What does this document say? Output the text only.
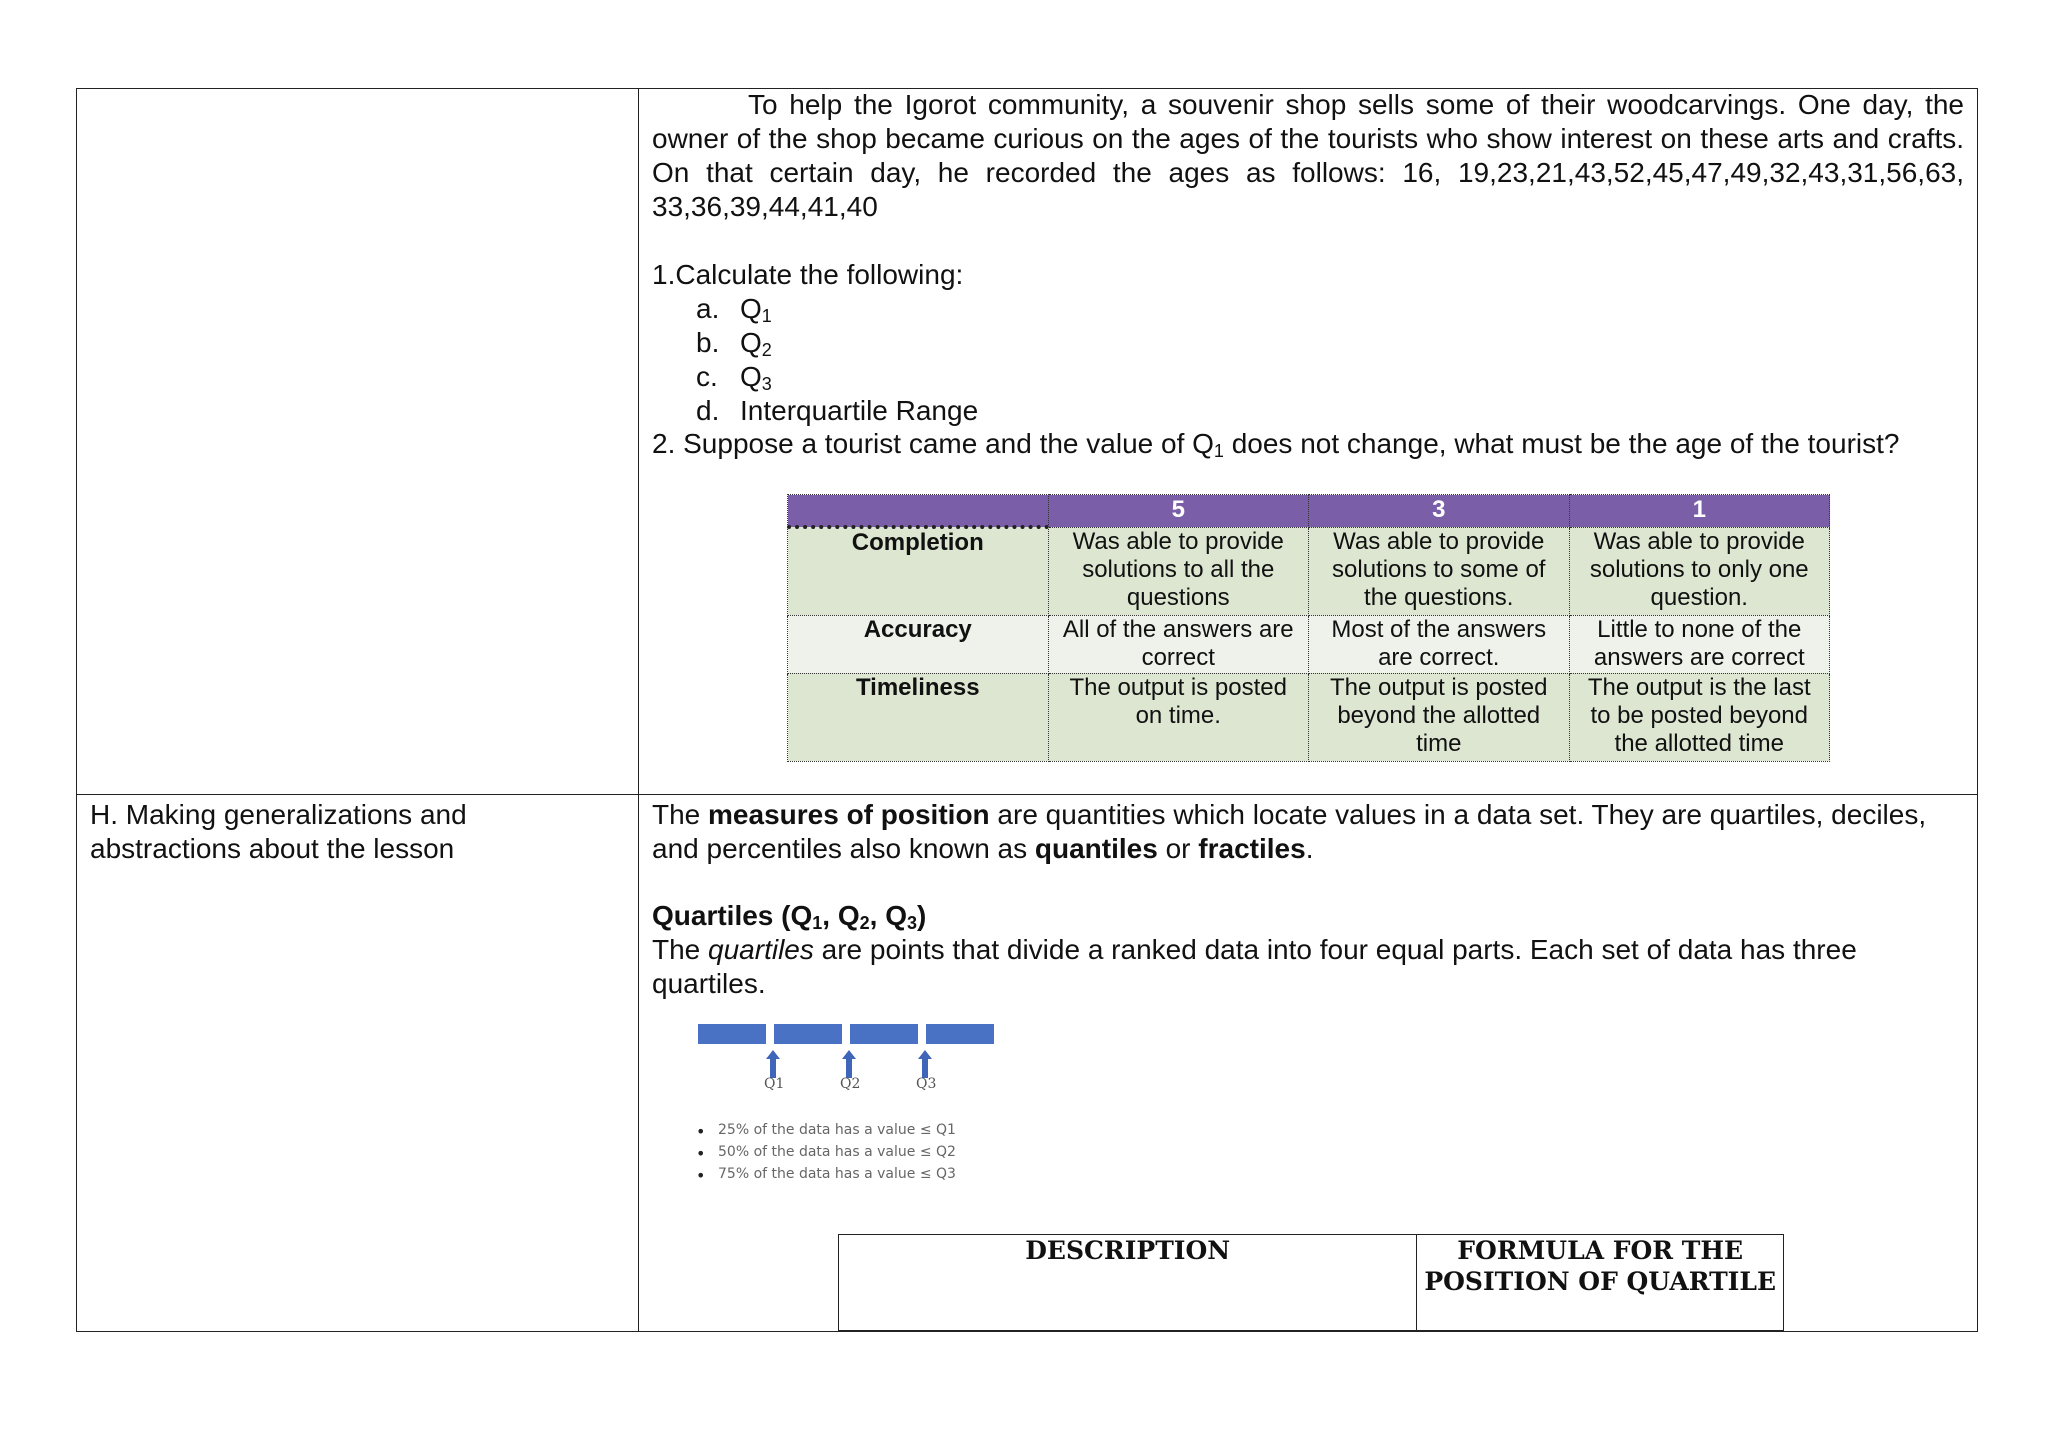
To help the Igorot community, a souvenir shop sells some of their woodcarvings. One day, the owner of the shop became curious on the ages of the tourists who show interest on these arts and crafts. On that certain day, he recorded the ages as follows: 16, 19,23,21,43,52,45,47,49,32,43,31,56,63, 33,36,39,44,41,40
1.Calculate the following:
a. $Q_1$
b. $Q_2$
c. $Q_3$
d. Interquartile Range
2. Suppose a tourist came and the value of $Q_1$ does not change, what must be the age of the tourist?
	5	3	1
Completion	Was able to provide solutions to all the questions	Was able to provide solutions to some of the questions.	Was able to provide solutions to only one question.
Accuracy	All of the answers are correct	Most of the answers are correct.	Little to none of the answers are correct
Timeliness	The output is posted on time.	The output is posted beyond the allotted time	The output is the last to be posted beyond the allotted time
H. Making generalizations and abstractions about the lesson
The measures of position are quantities which locate values in a data set. They are quartiles, deciles, and percentiles also known as quantiles or fractiles.
Quartiles ($Q_1$, $Q_2$, $Q_3$)
The quartiles are points that divide a ranked data into four equal parts. Each set of data has three quartiles.
Q1	Q2	Q3
• 25% of the data has a value ≤ Q1
• 50% of the data has a value ≤ Q2
• 75% of the data has a value ≤ Q3
DESCRIPTION	FORMULA FOR THE POSITION OF QUARTILE
